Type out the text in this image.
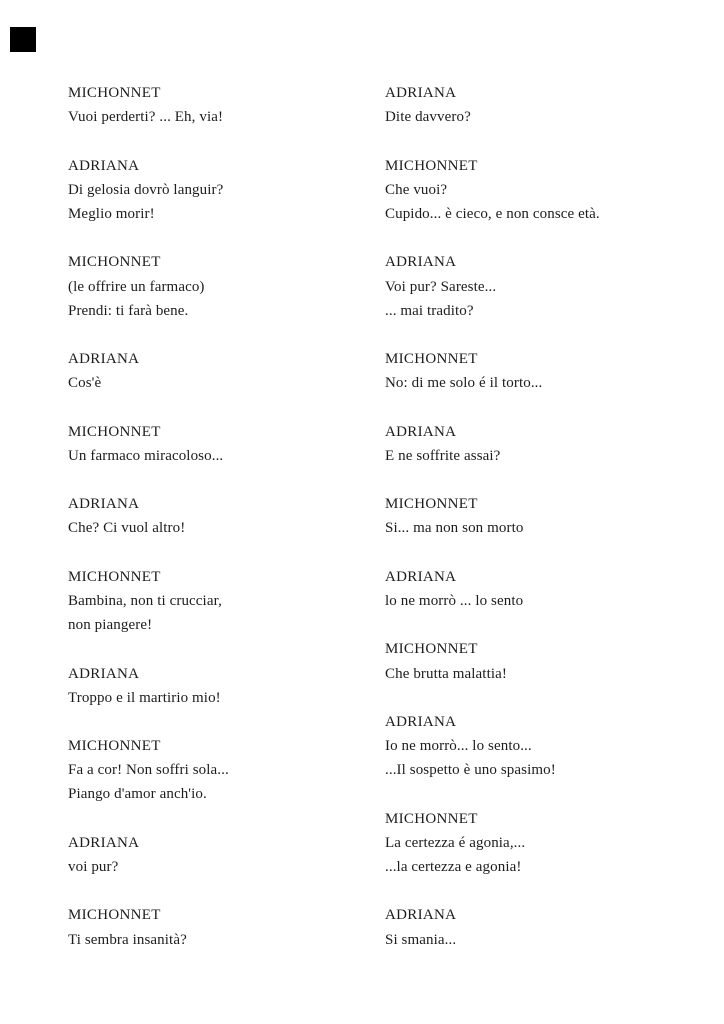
MICHONNET
Vuoi perderti? ... Eh, via!
ADRIANA
Di gelosia dovrò languir?
Meglio morir!
MICHONNET
(le offrire un farmaco)
Prendi: ti farà bene.
ADRIANA
Cos'è
MICHONNET
Un farmaco miracoloso...
ADRIANA
Che? Ci vuol altro!
MICHONNET
Bambina, non ti crucciar,
non piangere!
ADRIANA
Troppo e il martirio mio!
MICHONNET
Fa a cor! Non soffri sola...
Piango d'amor anch'io.
ADRIANA
voi pur?
MICHONNET
Ti sembra insanità?
ADRIANA
Dite davvero?
MICHONNET
Che vuoi?
Cupido... è cieco, e non consce età.
ADRIANA
Voi pur? Sareste...
... mai tradito?
MICHONNET
No: di me solo é il torto...
ADRIANA
E ne soffrite assai?
MICHONNET
Si... ma non son morto
ADRIANA
lo ne morrò ... lo sento
MICHONNET
Che brutta malattia!
ADRIANA
Io ne morrò... lo sento...
...Il sospetto è uno spasimo!
MICHONNET
La certezza é agonia,...
...la certezza e agonia!
ADRIANA
Si smania...
